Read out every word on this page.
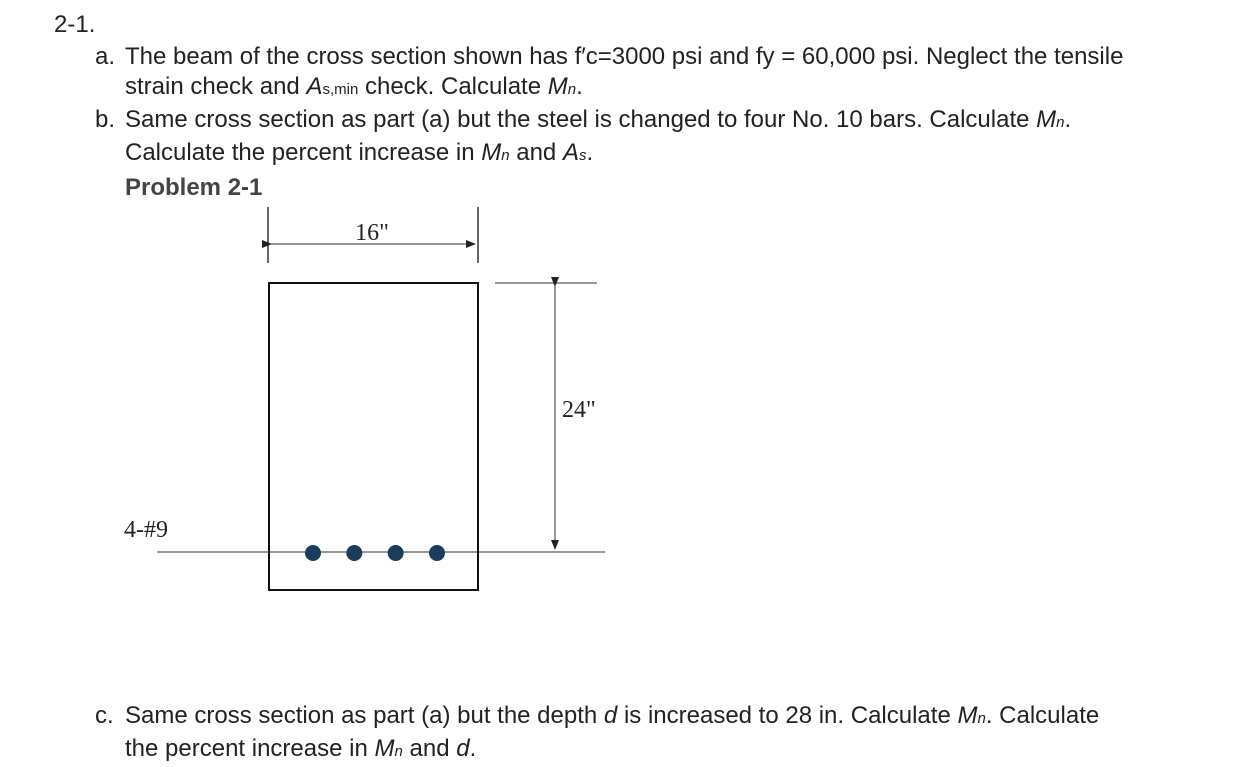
2-1.
a. The beam of the cross section shown has f′c=3000 psi and fy = 60,000 psi. Neglect the tensile
strain check and As,min check. Calculate Mn.
b. Same cross section as part (a) but the steel is changed to four No. 10 bars. Calculate Mn.
Calculate the percent increase in Mn and As.
Problem 2-1
16"
24"
4-#9
c. Same cross section as part (a) but the depth d is increased to 28 in. Calculate Mn. Calculate
the percent increase in Mn and d.
